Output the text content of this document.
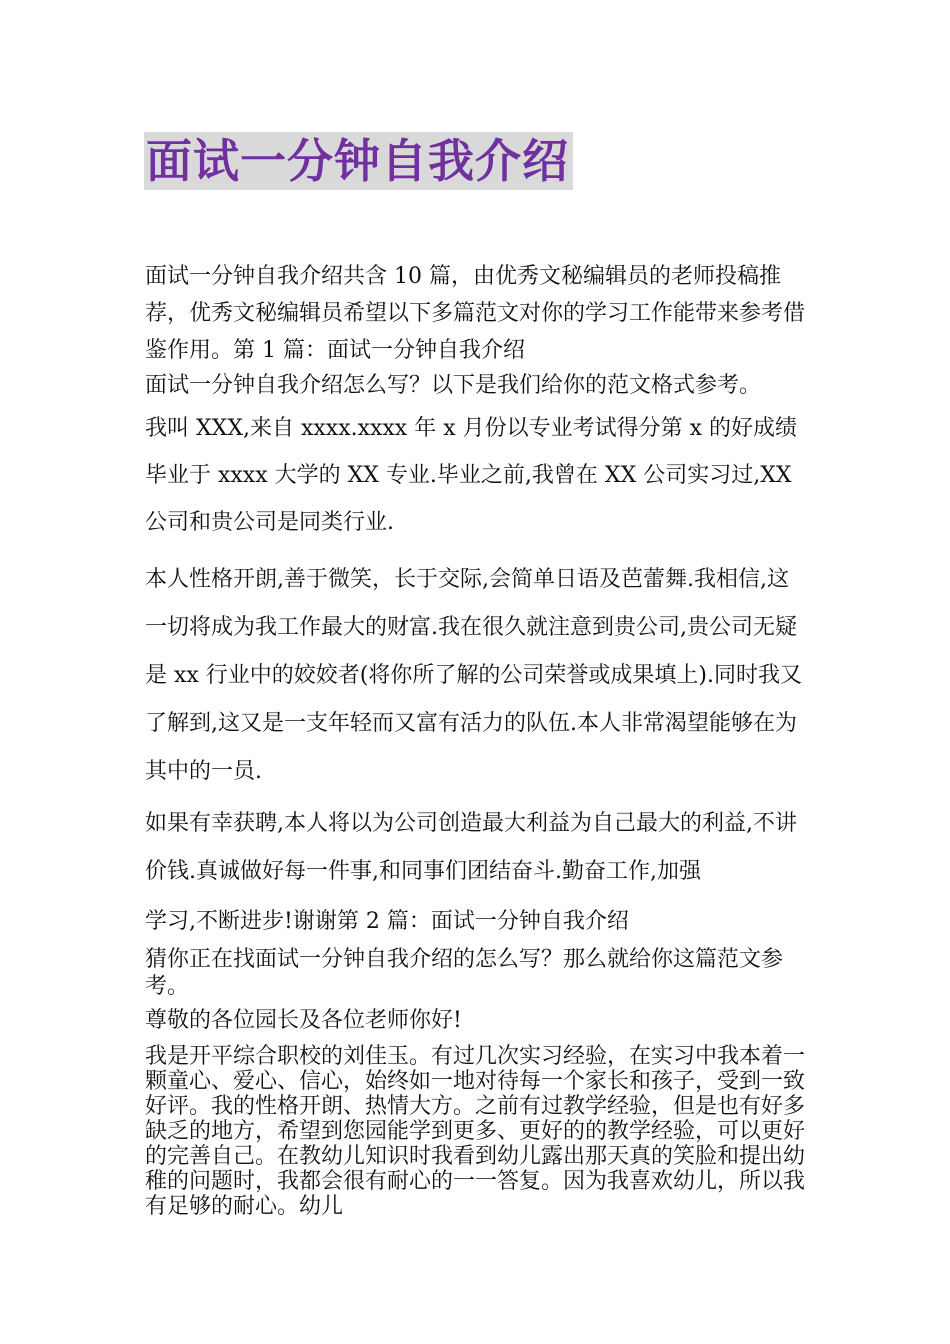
面试一分钟自我介绍

面试一分钟自我介绍共含 10 篇，由优秀文秘编辑员的老师投稿推荐，优秀文秘编辑员希望以下多篇范文对你的学习工作能带来参考借鉴作用。第 1 篇：面试一分钟自我介绍

面试一分钟自我介绍怎么写？以下是我们给你的范文格式参考。

我叫 XXX,来自 xxxx.xxxx 年 x 月份以专业考试得分第 x 的好成绩毕业于 xxxx 大学的 XX 专业.毕业之前,我曾在 XX 公司实习过,XX 公司和贵公司是同类行业.

本人性格开朗,善于微笑，长于交际,会简单日语及芭蕾舞.我相信,这一切将成为我工作最大的财富.我在很久就注意到贵公司,贵公司无疑是 xx 行业中的姣姣者(将你所了解的公司荣誉或成果填上).同时我又了解到,这又是一支年轻而又富有活力的队伍.本人非常渴望能够在为其中的一员.

如果有幸获聘,本人将以为公司创造最大利益为自己最大的利益,不讲价钱.真诚做好每一件事,和同事们团结奋斗.勤奋工作,加强

学习,不断进步!谢谢第 2 篇：面试一分钟自我介绍

猜你正在找面试一分钟自我介绍的怎么写？那么就给你这篇范文参考。

尊敬的各位园长及各位老师你好!

我是开平综合职校的刘佳玉。有过几次实习经验，在实习中我本着一颗童心、爱心、信心，始终如一地对待每一个家长和孩子，受到一致好评。我的性格开朗、热情大方。之前有过教学经验，但是也有好多缺乏的地方，希望到您园能学到更多、更好的的教学经验，可以更好的完善自己。在教幼儿知识时我看到幼儿露出那天真的笑脸和提出幼稚的问题时，我都会很有耐心的一一答复。因为我喜欢幼儿，所以我有足够的耐心。幼儿
